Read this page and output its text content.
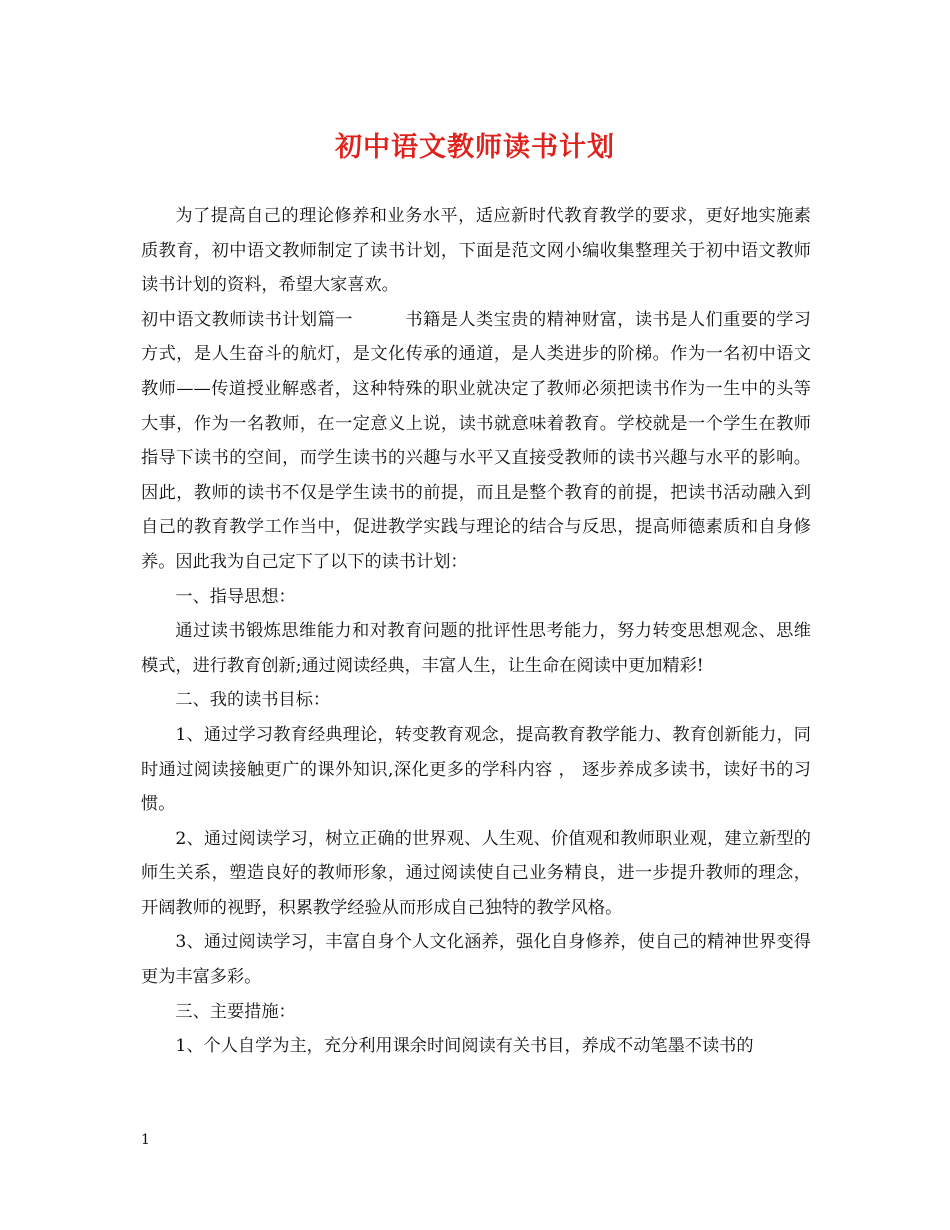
初中语文教师读书计划

为了提高自己的理论修养和业务水平，适应新时代教育教学的要求，更好地实施素质教育，初中语文教师制定了读书计划，下面是范文网小编收集整理关于初中语文教师读书计划的资料，希望大家喜欢。

初中语文教师读书计划篇一	书籍是人类宝贵的精神财富，读书是人们重要的学习方式，是人生奋斗的航灯，是文化传承的通道，是人类进步的阶梯。作为一名初中语文教师——传道授业解惑者，这种特殊的职业就决定了教师必须把读书作为一生中的头等大事，作为一名教师，在一定意义上说，读书就意味着教育。学校就是一个学生在教师指导下读书的空间，而学生读书的兴趣与水平又直接受教师的读书兴趣与水平的影响。因此，教师的读书不仅是学生读书的前提，而且是整个教育的前提，把读书活动融入到自己的教育教学工作当中，促进教学实践与理论的结合与反思，提高师德素质和自身修养。因此我为自己定下了以下的读书计划：

一、指导思想：

通过读书锻炼思维能力和对教育问题的批评性思考能力，努力转变思想观念、思维模式，进行教育创新;通过阅读经典，丰富人生，让生命在阅读中更加精彩!

二、我的读书目标：

1、通过学习教育经典理论，转变教育观念，提高教育教学能力、教育创新能力，同时通过阅读接触更广的课外知识,深化更多的学科内容 ， 逐步养成多读书，读好书的习惯。

2、通过阅读学习，树立正确的世界观、人生观、价值观和教师职业观，建立新型的师生关系，塑造良好的教师形象，通过阅读使自己业务精良，进一步提升教师的理念，开阔教师的视野，积累教学经验从而形成自己独特的教学风格。

3、通过阅读学习，丰富自身个人文化涵养，强化自身修养，使自己的精神世界变得更为丰富多彩。

三、主要措施：

1、个人自学为主，充分利用课余时间阅读有关书目，养成不动笔墨不读书的

1
